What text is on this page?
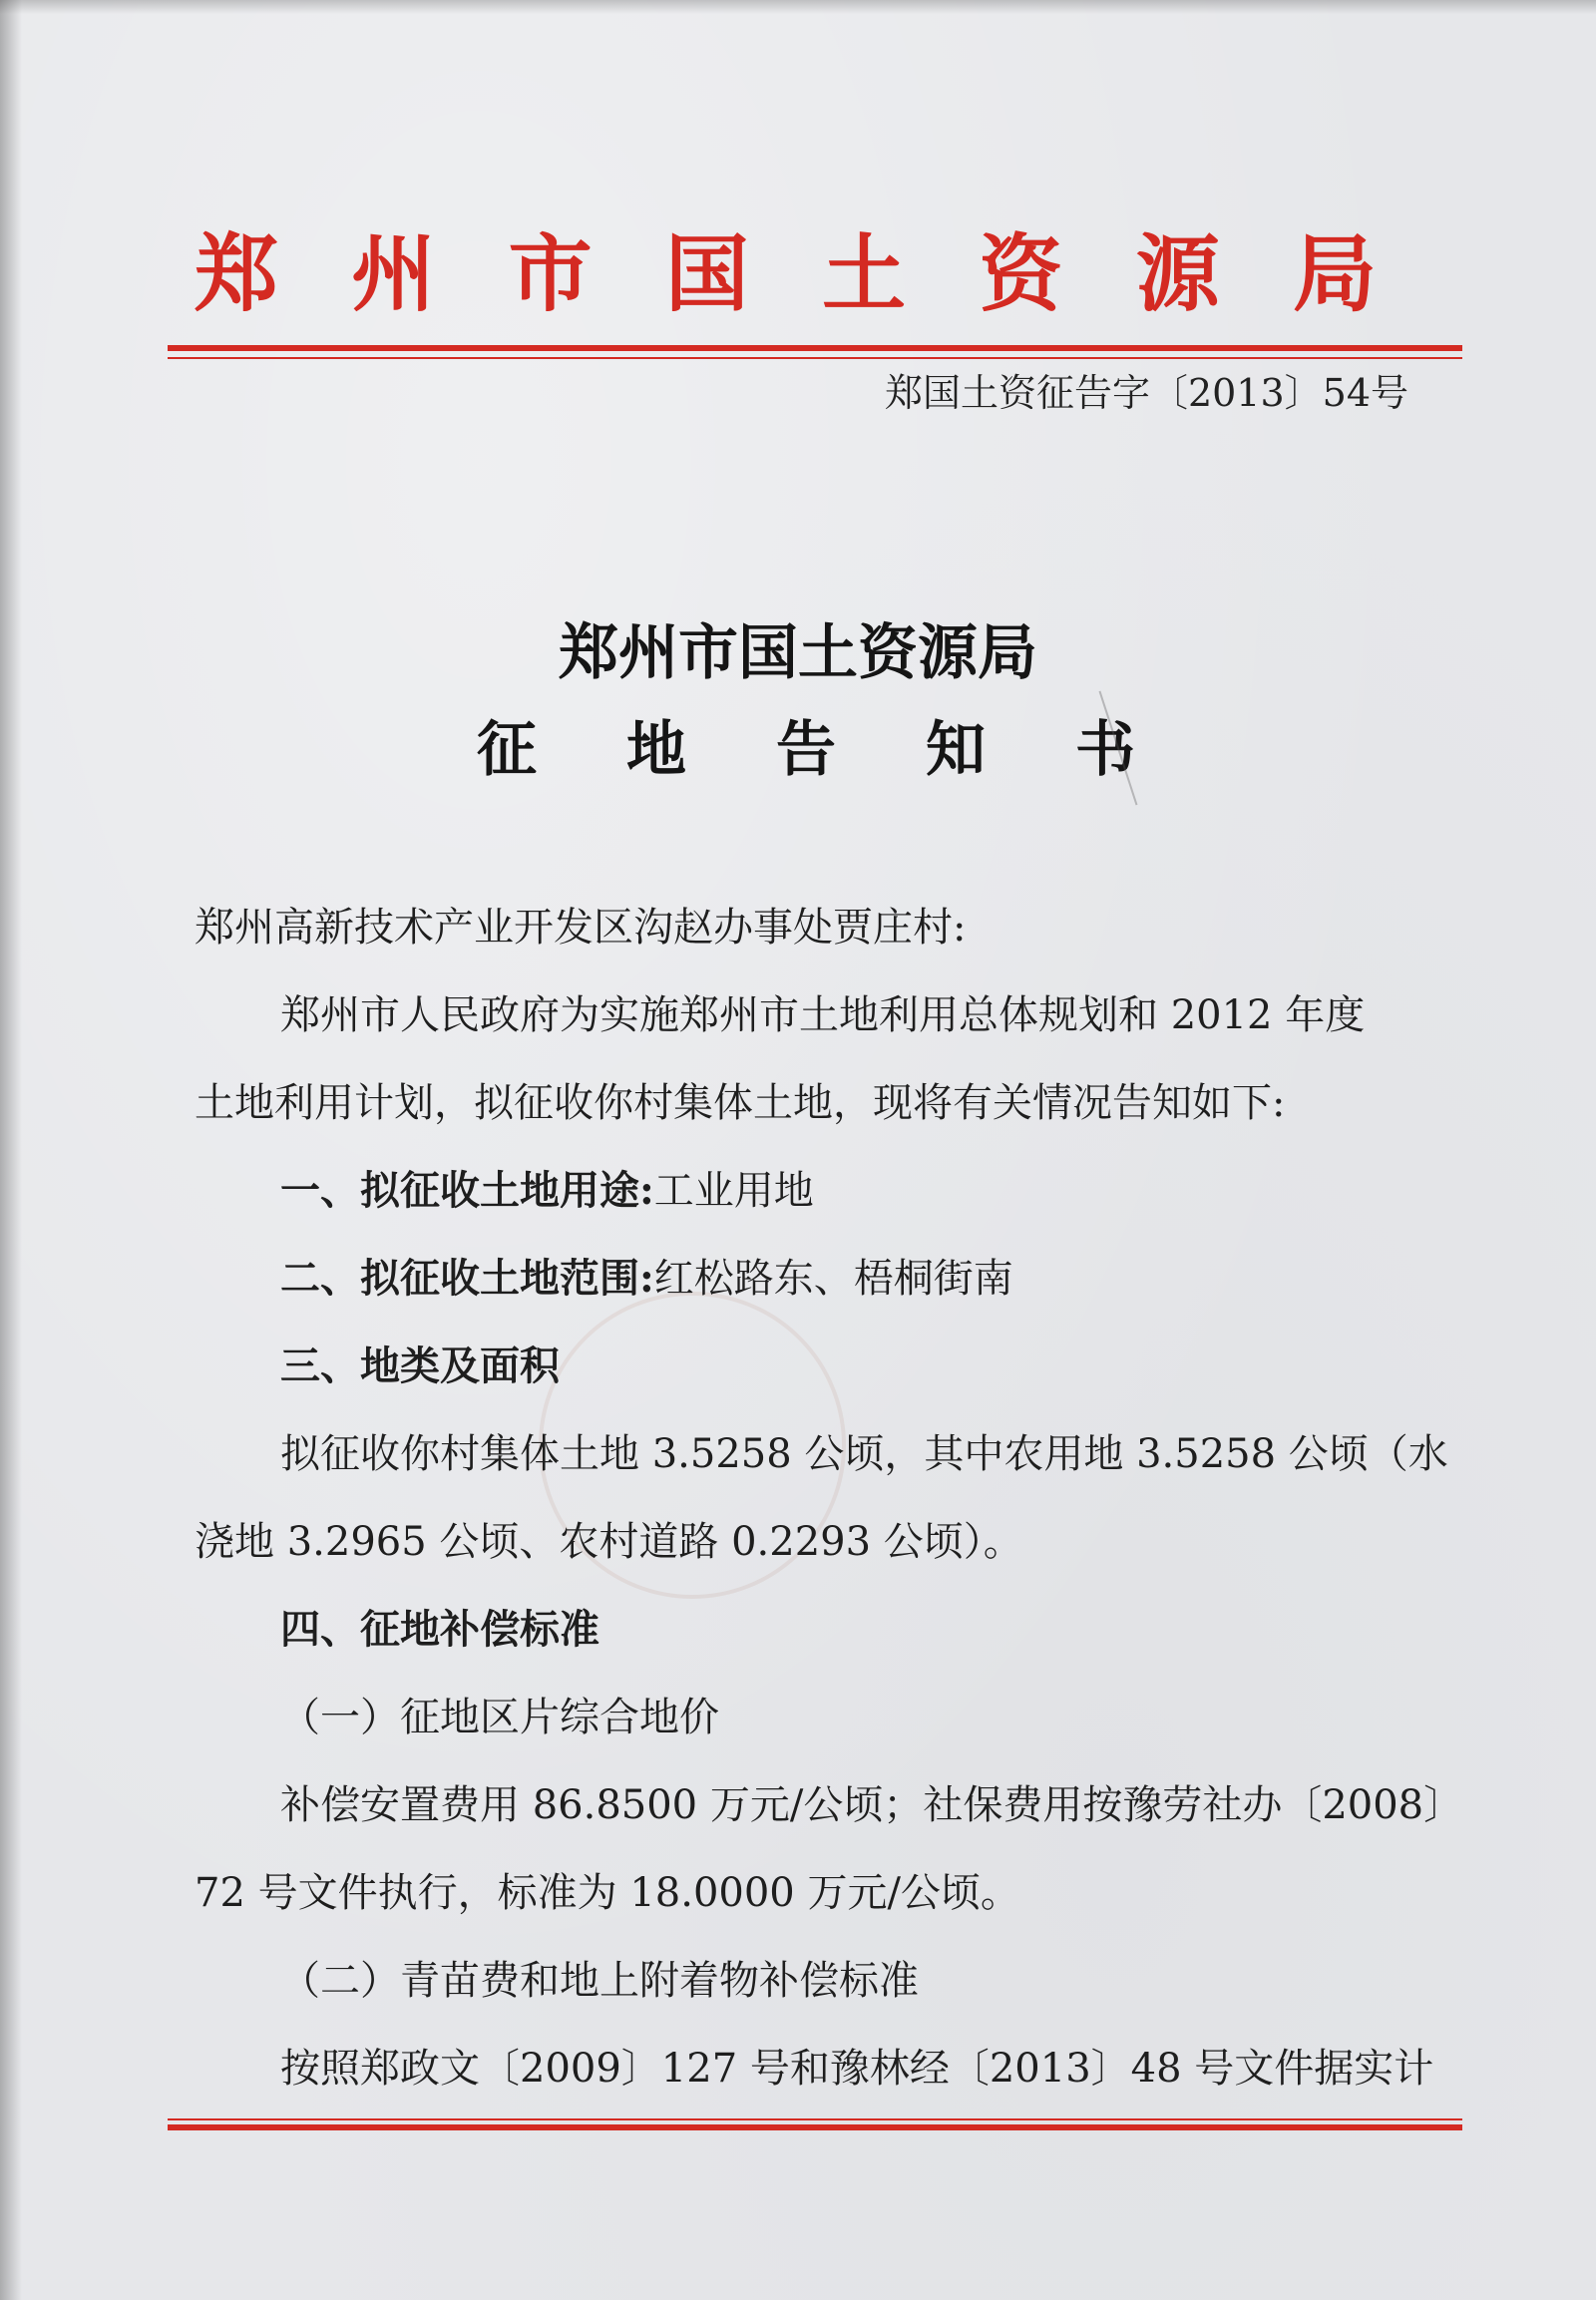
郑 州 市 国 土 资 源 局
郑国土资征告字〔2013〕54号
郑州市国土资源局
征 地 告 知 书
郑州高新技术产业开发区沟赵办事处贾庄村:
郑州市人民政府为实施郑州市土地利用总体规划和 2012 年度
土地利用计划，拟征收你村集体土地，现将有关情况告知如下:
一、拟征收土地用途:工业用地
二、拟征收土地范围:红松路东、梧桐街南
三、地类及面积
拟征收你村集体土地 3.5258 公顷，其中农用地 3.5258 公顷（水
浇地 3.2965 公顷、农村道路 0.2293 公顷）。
四、征地补偿标准
（一）征地区片综合地价
补偿安置费用 86.8500 万元/公顷；社保费用按豫劳社办〔2008〕
72 号文件执行，标准为 18.0000 万元/公顷。
（二）青苗费和地上附着物补偿标准
按照郑政文〔2009〕127 号和豫林经〔2013〕48 号文件据实计
